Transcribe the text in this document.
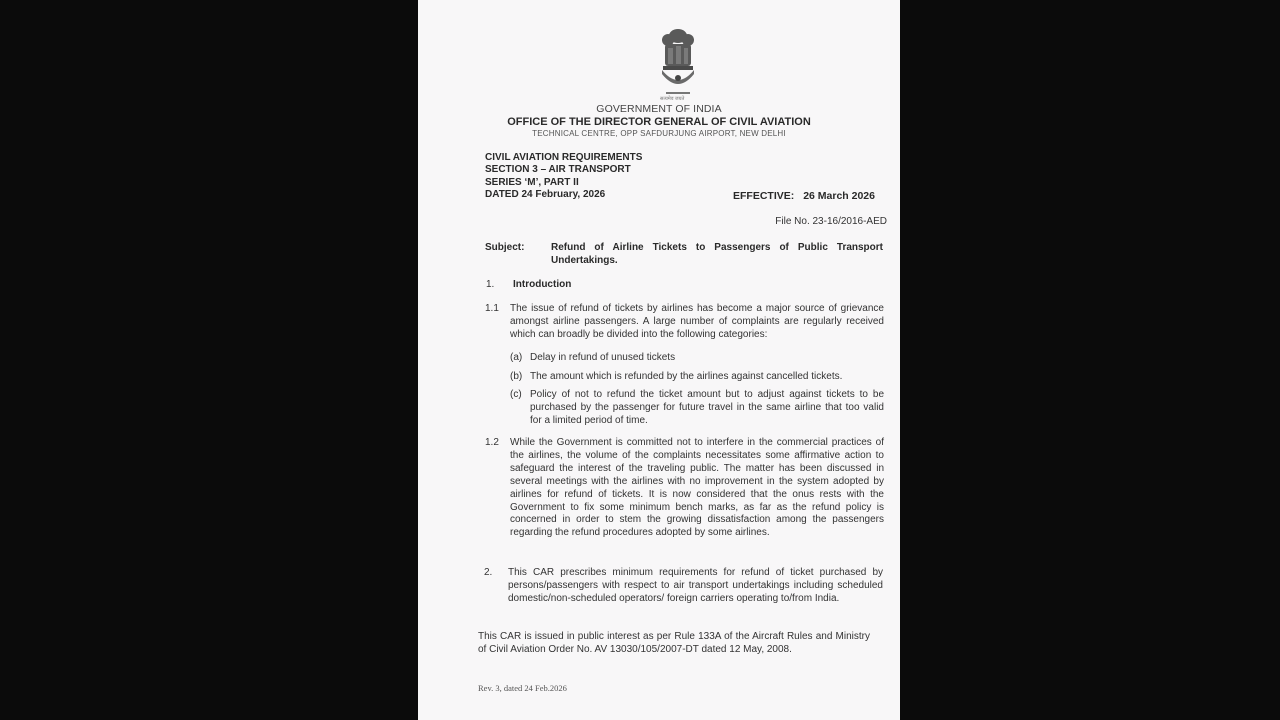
सत्यमेव जयते
GOVERNMENT OF INDIA
OFFICE OF THE DIRECTOR GENERAL OF CIVIL AVIATION
TECHNICAL CENTRE, OPP SAFDURJUNG AIRPORT, NEW DELHI
CIVIL AVIATION REQUIREMENTS
SECTION 3 – AIR TRANSPORT
SERIES ‘M’, PART II
DATED 24 February, 2026	EFFECTIVE: 26 March 2026
File No. 23-16/2016-AED
Subject:	Refund of Airline Tickets to Passengers of Public Transport Undertakings.
1. Introduction
1.1 The issue of refund of tickets by airlines has become a major source of grievance amongst airline passengers. A large number of complaints are regularly received which can broadly be divided into the following categories:
(a) Delay in refund of unused tickets
(b) The amount which is refunded by the airlines against cancelled tickets.
(c) Policy of not to refund the ticket amount but to adjust against tickets to be purchased by the passenger for future travel in the same airline that too valid for a limited period of time.
1.2 While the Government is committed not to interfere in the commercial practices of the airlines, the volume of the complaints necessitates some affirmative action to safeguard the interest of the traveling public. The matter has been discussed in several meetings with the airlines with no improvement in the system adopted by airlines for refund of tickets. It is now considered that the onus rests with the Government to fix some minimum bench marks, as far as the refund policy is concerned in order to stem the growing dissatisfaction among the passengers regarding the refund procedures adopted by some airlines.
2. This CAR prescribes minimum requirements for refund of ticket purchased by persons/passengers with respect to air transport undertakings including scheduled domestic/non-scheduled operators/ foreign carriers operating to/from India.
This CAR is issued in public interest as per Rule 133A of the Aircraft Rules and Ministry of Civil Aviation Order No. AV 13030/105/2007-DT dated 12 May, 2008.
Rev. 3, dated 24 Feb.2026
